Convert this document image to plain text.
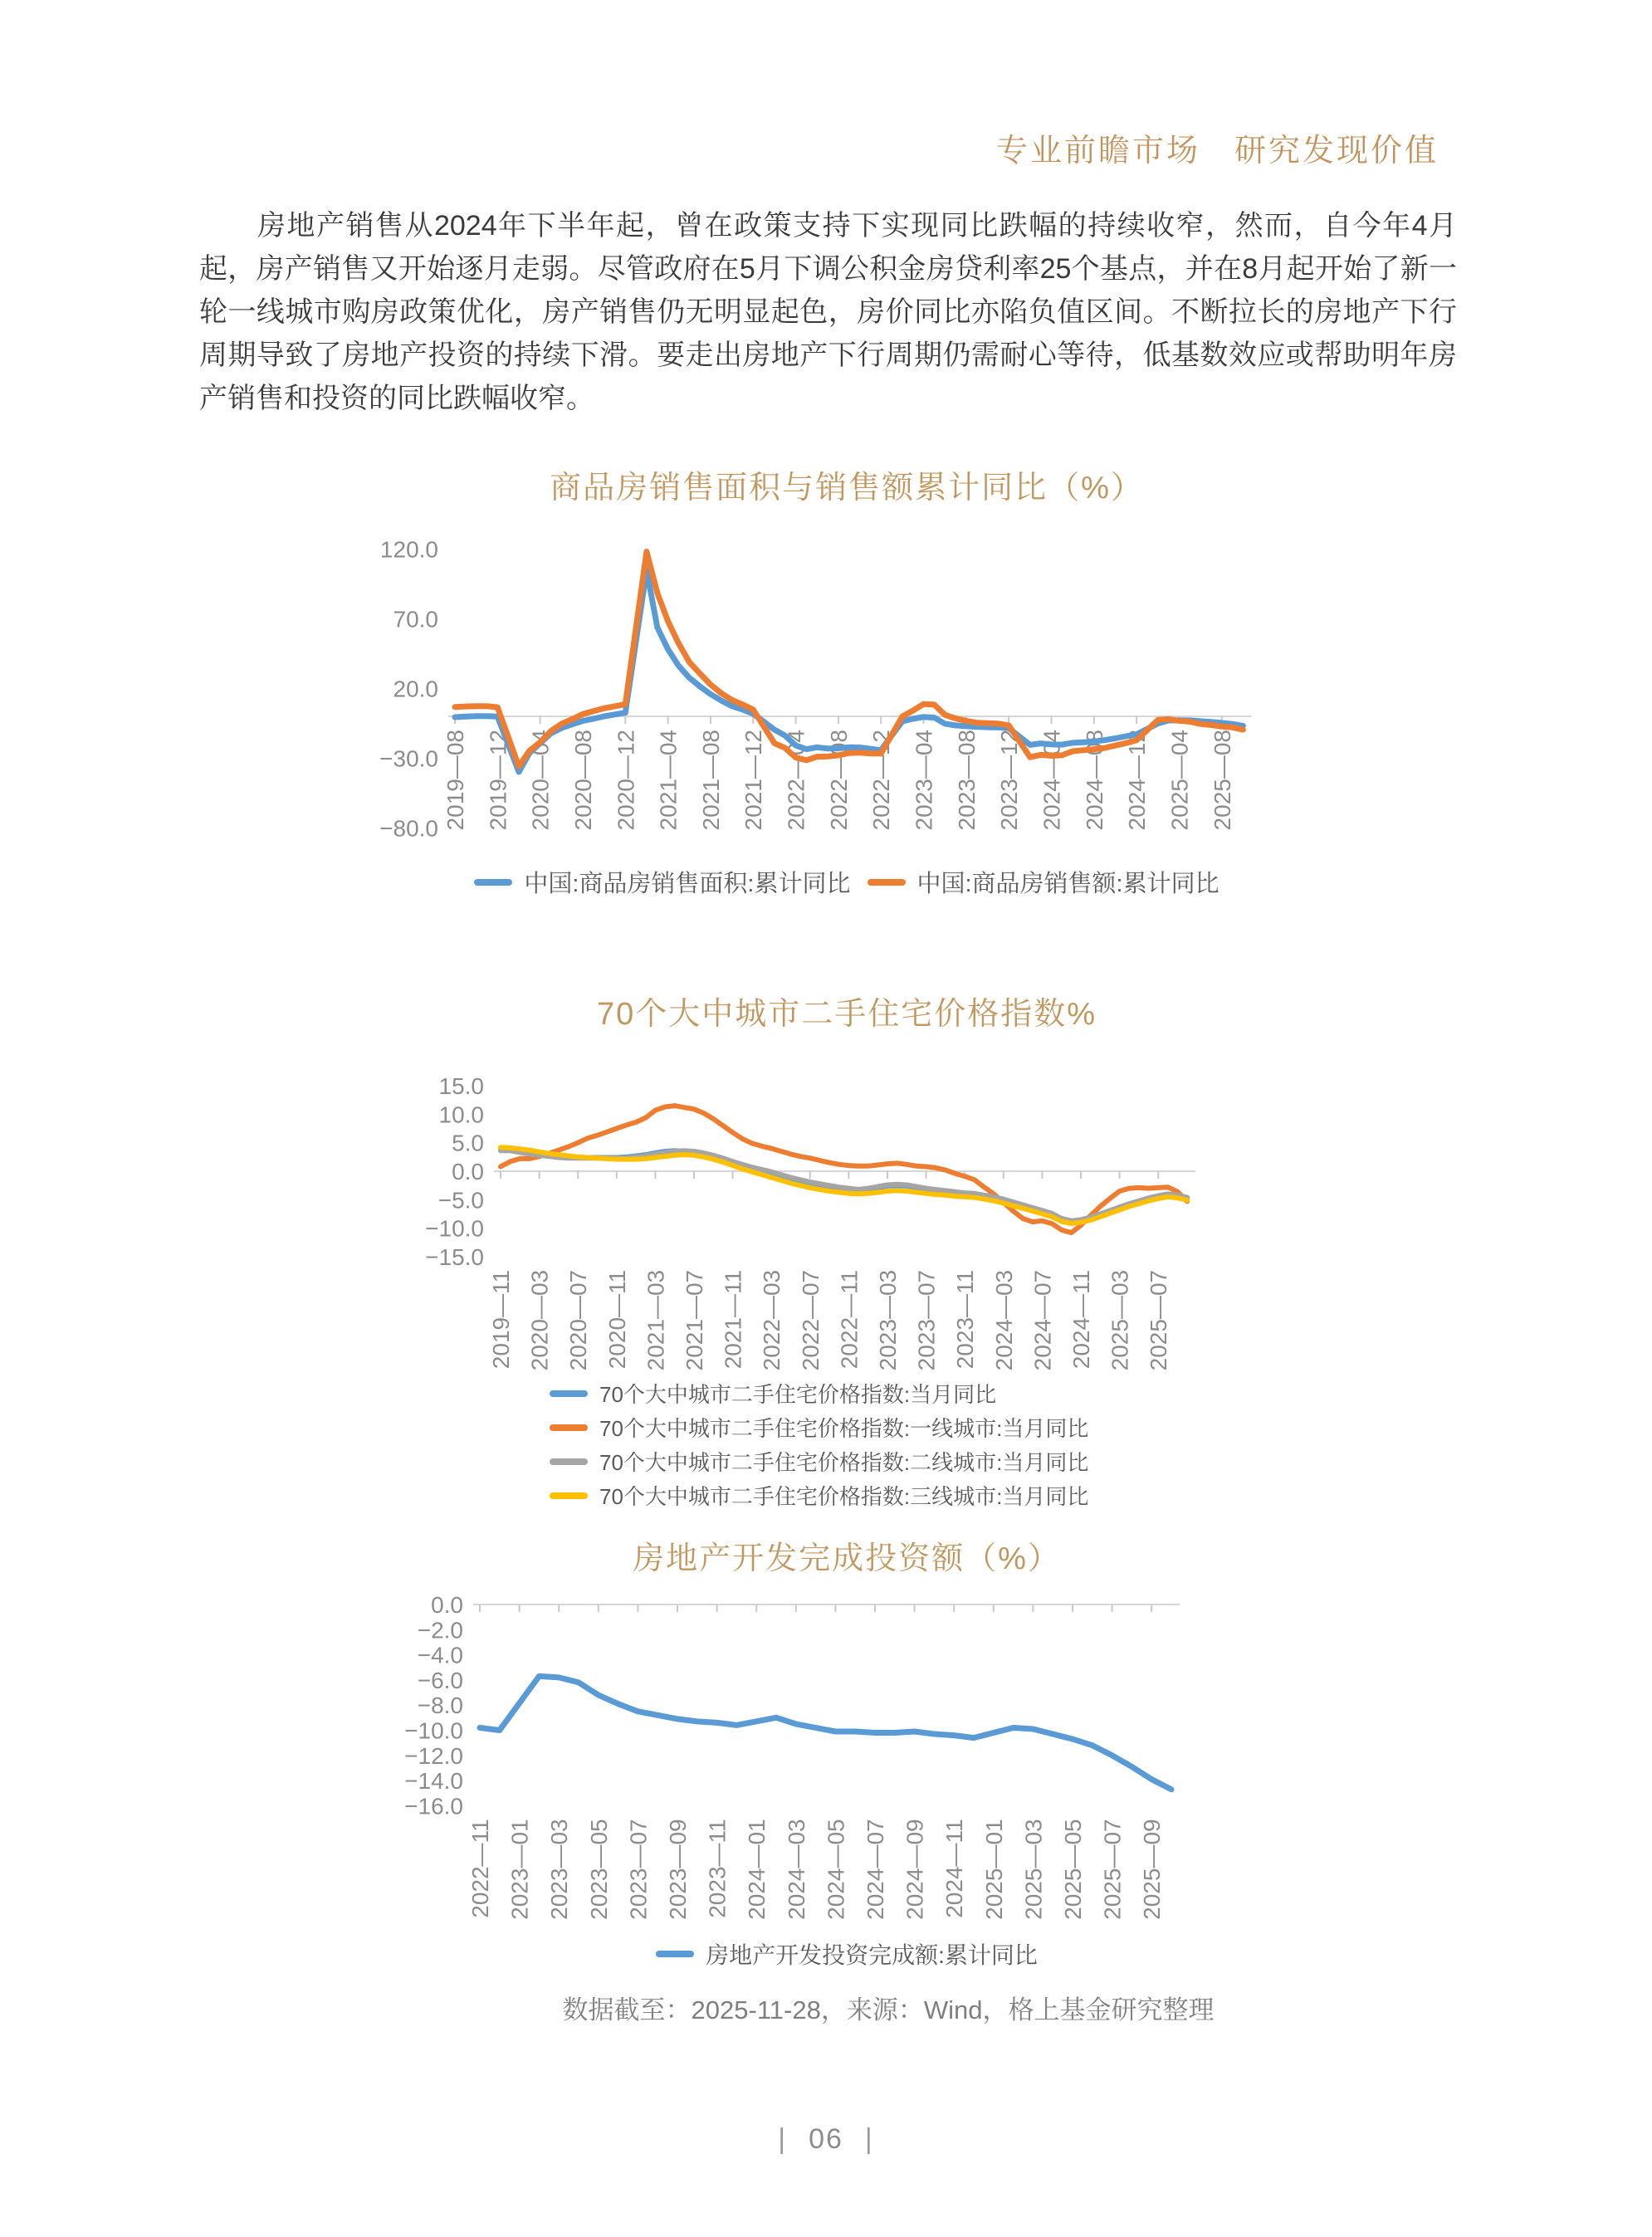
专业前瞻市场　研究发现价值

房地产销售从2024年下半年起，曾在政策支持下实现同比跌幅的持续收窄，然而，自今年4月起，房产销售又开始逐月走弱。尽管政府在5月下调公积金房贷利率25个基点，并在8月起开始了新一轮一线城市购房政策优化，房产销售仍无明显起色，房价同比亦陷负值区间。不断拉长的房地产下行周期导致了房地产投资的持续下滑。要走出房地产下行周期仍需耐心等待，低基数效应或帮助明年房产销售和投资的同比跌幅收窄。

商品房销售面积与销售额累计同比（%）
120.0
70.0
20.0
−30.0
−80.0 2019—08 2019—12 2020—04 2020—08 2020—12 2021—04 2021—08 2021—12 2022—04 2022—08 2022—12 2023—04 2023—08 2023—12 2024—04 2024—08 2024—12 2025—04 2025—08
中国:商品房销售面积:累计同比	中国:商品房销售额:累计同比
70个大中城市二手住宅价格指数%
15.0
10.0
5.0
0.0
−5.0
−10.0
−15.0
2019—11 2020—03 2020—07 2020—11 2021—03 2021—07 2021—11 2022—03 2022—07 2022—11 2023—03 2023—07 2023—11 2024—03 2024—07 2024—11 2025—03 2025—07
70个大中城市二手住宅价格指数:当月同比
70个大中城市二手住宅价格指数:一线城市:当月同比
70个大中城市二手住宅价格指数:二线城市:当月同比
70个大中城市二手住宅价格指数:三线城市:当月同比
房地产开发完成投资额（%）
0.0
−2.0
−4.0
−6.0
−8.0
−10.0
−12.0
−14.0
−16.0
2022—11 2023—01 2023—03 2023—05 2023—07 2023—09 2023—11 2024—01 2024—03 2024—05 2024—07 2024—09 2024—11 2025—01 2025—03 2025—05 2025—07 2025—09
房地产开发投资完成额:累计同比
数据截至：2025-11-28，来源：Wind，格上基金研究整理
| 06 |
